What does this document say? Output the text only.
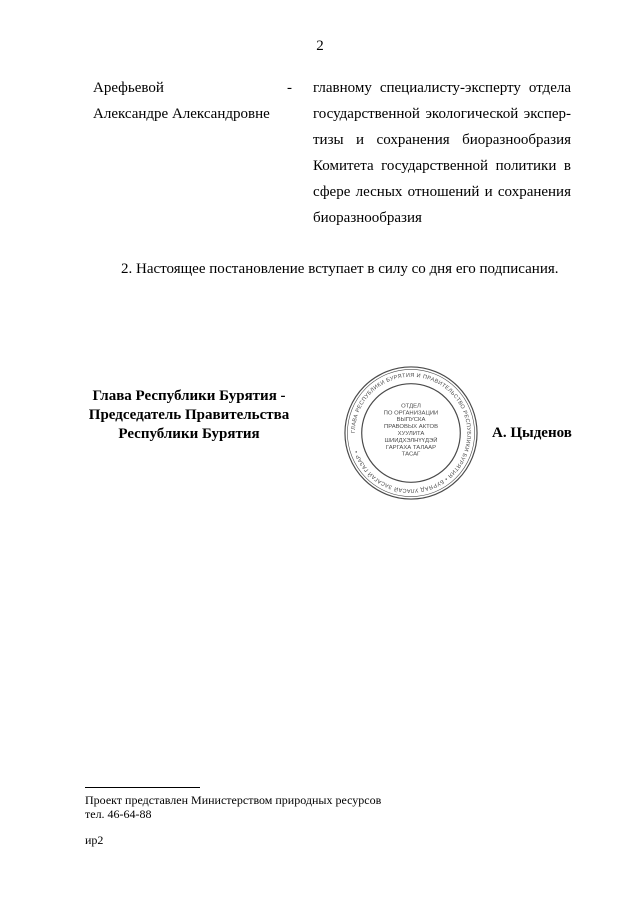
2
Арефьевой
Александре Александровне
- главному специалисту-эксперту отдела
государственной экологической экспер-
тизы и сохранения биоразнообразия
Комитета государственной политики в
сфере лесных отношений и сохранения
биоразнообразия
2. Настоящее постановление вступает в силу со дня его подписания.
Глава Республики Бурятия -
Председатель Правительства
Республики Бурятия	ГЛАВА РЕСПУБЛИКИ БУРЯТИЯ И ПРАВИТЕЛЬСТВО РЕСПУБЛИКИ БУРЯТИЯ • БУРЯАД УЛАСАЙ ЗАСАГАЙ ГАЗАР •
ОТДЕЛ
ПО ОРГАНИЗАЦИИ
ВЫПУСКА
ПРАВОВЫХ АКТОВ
ХУУЛИТА
ШИИДХЭЛНҮҮДЭЙ
ГАРГАХА ТАЛААР
ТАСАГ
А. Цыденов
Проект представлен Министерством природных ресурсов
тел. 46-64-88
ир2
